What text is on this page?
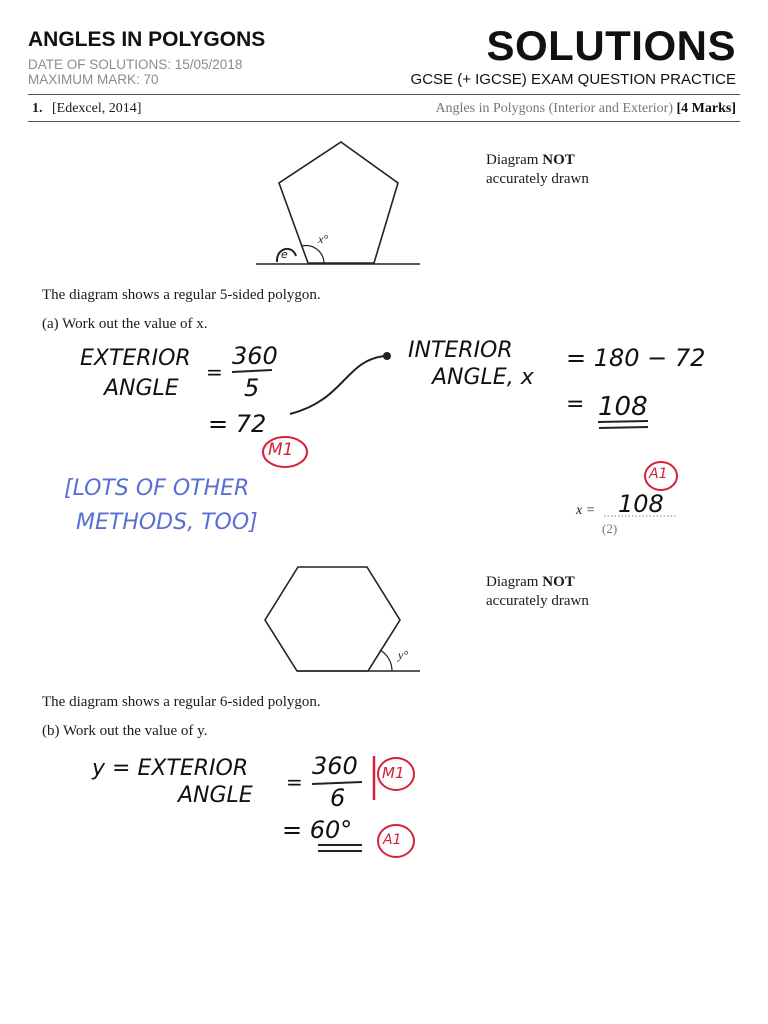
ANGLES IN POLYGONS
DATE OF SOLUTIONS: 15/05/2018
MAXIMUM MARK: 70
SOLUTIONS
GCSE (+ IGCSE) EXAM QUESTION PRACTICE
1. [Edexcel, 2014]	Angles in Polygons (Interior and Exterior) [4 Marks]
Diagram NOT
accurately drawn
x°
e
The diagram shows a regular 5-sided polygon.
(a) Work out the value of x.
EXTERIOR
ANGLE
=
360
5
= 72
M1
INTERIOR
ANGLE, x
= 180 − 72
= 108
A1
[LOTS OF OTHER
METHODS, TOO]	x = 108
(2)
Diagram NOT
accurately drawn
y°
The diagram shows a regular 6-sided polygon.
(b) Work out the value of y.
y = EXTERIOR
ANGLE
=
360
6
= 60°
M1
A1
